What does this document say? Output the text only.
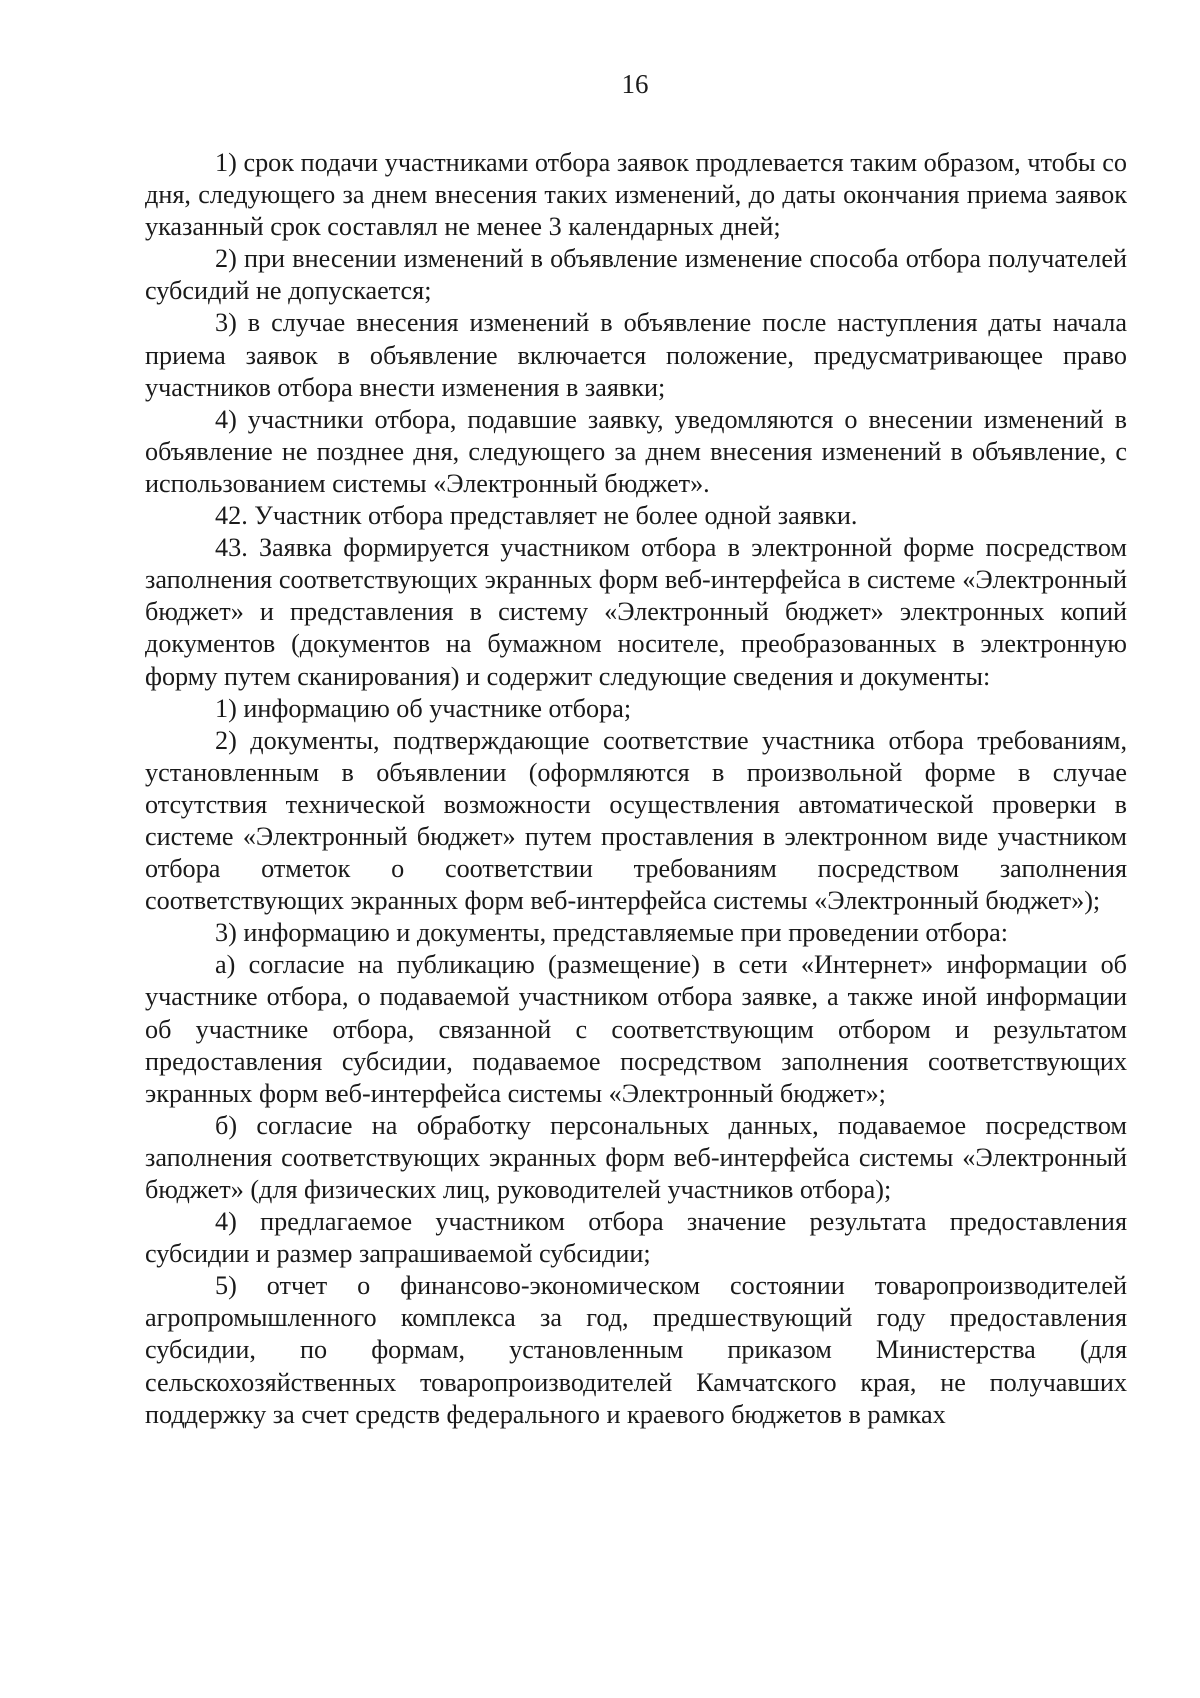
16

1) срок подачи участниками отбора заявок продлевается таким образом, чтобы со дня, следующего за днем внесения таких изменений, до даты окончания приема заявок указанный срок составлял не менее 3 календарных дней;

2) при внесении изменений в объявление изменение способа отбора получателей субсидий не допускается;

3) в случае внесения изменений в объявление после наступления даты начала приема заявок в объявление включается положение, предусматривающее право участников отбора внести изменения в заявки;

4) участники отбора, подавшие заявку, уведомляются о внесении изменений в объявление не позднее дня, следующего за днем внесения изменений в объявление, с использованием системы «Электронный бюджет».

42. Участник отбора представляет не более одной заявки.

43. Заявка формируется участником отбора в электронной форме посредством заполнения соответствующих экранных форм веб-интерфейса в системе «Электронный бюджет» и представления в систему «Электронный бюджет» электронных копий документов (документов на бумажном носителе, преобразованных в электронную форму путем сканирования) и содержит следующие сведения и документы:

1) информацию об участнике отбора;

2) документы, подтверждающие соответствие участника отбора требованиям, установленным в объявлении (оформляются в произвольной форме в случае отсутствия технической возможности осуществления автоматической проверки в системе «Электронный бюджет» путем проставления в электронном виде участником отбора отметок о соответствии требованиям посредством заполнения соответствующих экранных форм веб-интерфейса системы «Электронный бюджет»);

3) информацию и документы, представляемые при проведении отбора:

а) согласие на публикацию (размещение) в сети «Интернет» информации об участнике отбора, о подаваемой участником отбора заявке, а также иной информации об участнике отбора, связанной с соответствующим отбором и результатом предоставления субсидии, подаваемое посредством заполнения соответствующих экранных форм веб-интерфейса системы «Электронный бюджет»;

б) согласие на обработку персональных данных, подаваемое посредством заполнения соответствующих экранных форм веб-интерфейса системы «Электронный бюджет» (для физических лиц, руководителей участников отбора);

4) предлагаемое участником отбора значение результата предоставления субсидии и размер запрашиваемой субсидии;

5) отчет о финансово-экономическом состоянии товаропроизводителей агропромышленного комплекса за год, предшествующий году предоставления субсидии, по формам, установленным приказом Министерства (для сельскохозяйственных товаропроизводителей Камчатского края, не получавших поддержку за счет средств федерального и краевого бюджетов в рамках
